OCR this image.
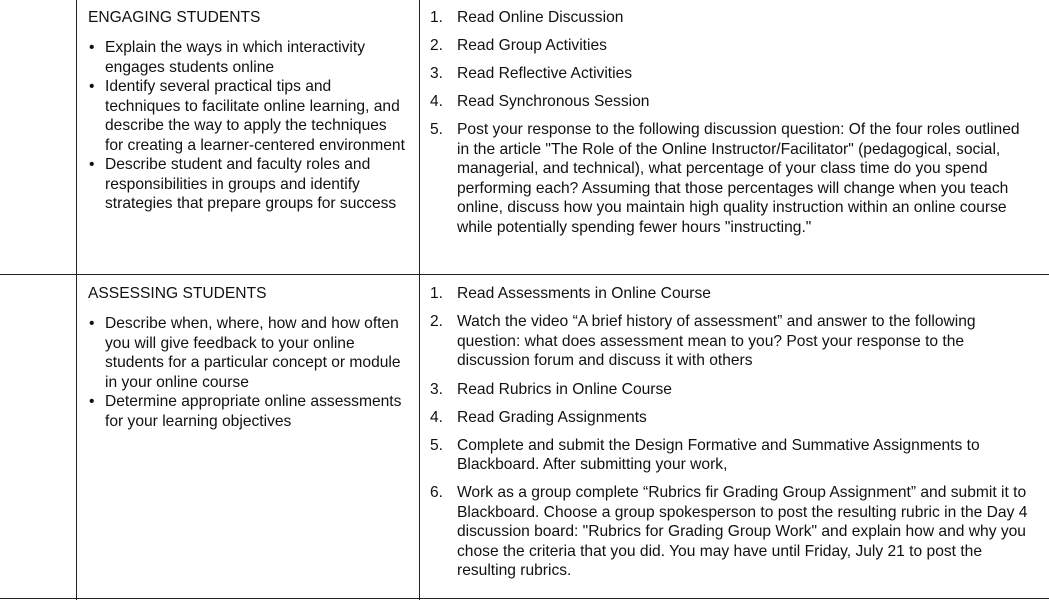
ENGAGING STUDENTS
• Explain the ways in which interactivity engages students online
• Identify several practical tips and techniques to facilitate online learning, and describe the way to apply the techniques for creating a learner-centered environment
• Describe student and faculty roles and responsibilities in groups and identify strategies that prepare groups for success
1. Read Online Discussion
2. Read Group Activities
3. Read Reflective Activities
4. Read Synchronous Session
5. Post your response to the following discussion question: Of the four roles outlined in the article "The Role of the Online Instructor/Facilitator" (pedagogical, social, managerial, and technical), what percentage of your class time do you spend performing each? Assuming that those percentages will change when you teach online, discuss how you maintain high quality instruction within an online course while potentially spending fewer hours "instructing."
ASSESSING STUDENTS
• Describe when, where, how and how often you will give feedback to your online students for a particular concept or module in your online course
• Determine appropriate online assessments for your learning objectives
1. Read Assessments in Online Course
2. Watch the video “A brief history of assessment” and answer to the following question: what does assessment mean to you? Post your response to the discussion forum and discuss it with others
3. Read Rubrics in Online Course
4. Read Grading Assignments
5. Complete and submit the Design Formative and Summative Assignments to Blackboard. After submitting your work,
6. Work as a group complete “Rubrics fir Grading Group Assignment” and submit it to Blackboard. Choose a group spokesperson to post the resulting rubric in the Day 4 discussion board: "Rubrics for Grading Group Work" and explain how and why you chose the criteria that you did. You may have until Friday, July 21 to post the resulting rubrics.
